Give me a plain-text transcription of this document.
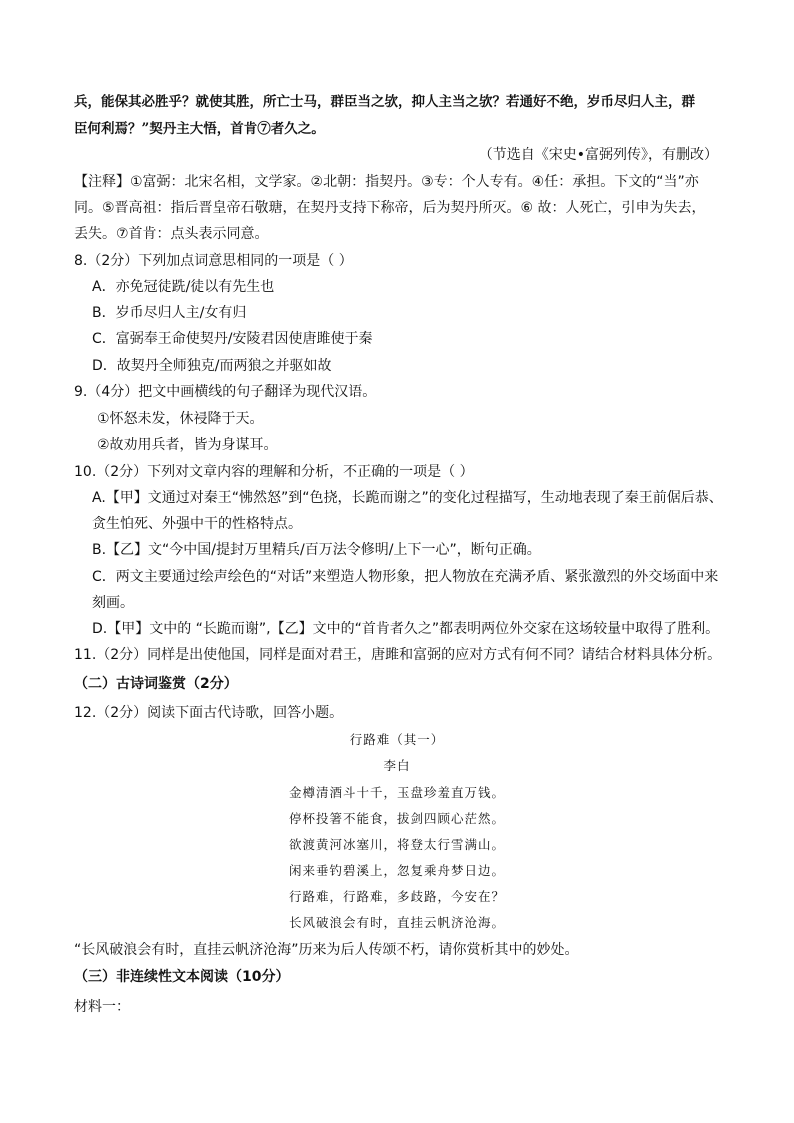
兵，能保其必胜乎？就使其胜，所亡士马，群臣当之欤，抑人主当之欤？若通好不绝，岁币尽归人主，群
臣何利焉？”契丹主大悟，首肯⑦者久之。
（节选自《宋史•富弼列传》，有删改）
【注释】①富弼：北宋名相，文学家。②北朝：指契丹。③专：个人专有。④任：承担。下文的“当”亦
同。⑤晋高祖：指后晋皇帝石敬瑭，在契丹支持下称帝，后为契丹所灭。⑥ 故：人死亡，引申为失去，
丢失。⑦首肯：点头表示同意。
8.（2分）下列加点词意思相同的一项是（ ）
A．亦免冠徒跣/徒以有先生也
B．岁币尽归人主/女有归
C．富弼奉王命使契丹/安陵君因使唐雎使于秦
D．故契丹全师独克/而两狼之并驱如故
9.（4分）把文中画横线的句子翻译为现代汉语。
①怀怒未发，休祲降于天。
②故劝用兵者，皆为身谋耳。
10.（2分）下列对文章内容的理解和分析，不正确的一项是（ ）
A.【甲】文通过对秦王“怫然怒”到“色挠，长跪而谢之”的变化过程描写，生动地表现了秦王前倨后恭、
贪生怕死、外强中干的性格特点。
B.【乙】文“今中国/提封万里精兵/百万法令修明/上下一心”，断句正确。
C．两文主要通过绘声绘色的“对话”来塑造人物形象，把人物放在充满矛盾、紧张激烈的外交场面中来
刻画。
D.【甲】文中的 “长跪而谢”,【乙】文中的“首肯者久之”都表明两位外交家在这场较量中取得了胜利。
11.（2分）同样是出使他国，同样是面对君王，唐雎和富弼的应对方式有何不同？请结合材料具体分析。
（二）古诗词鉴赏（2分）
12.（2分）阅读下面古代诗歌，回答小题。
行路难（其一）
李白
金樽清酒斗十千，玉盘珍羞直万钱。
停杯投箸不能食，拔剑四顾心茫然。
欲渡黄河冰塞川，将登太行雪满山。
闲来垂钓碧溪上，忽复乘舟梦日边。
行路难，行路难，多歧路，今安在？
长风破浪会有时，直挂云帆济沧海。
“长风破浪会有时，直挂云帆济沧海”历来为后人传颂不朽，请你赏析其中的妙处。
（三）非连续性文本阅读（10分）
材料一：
